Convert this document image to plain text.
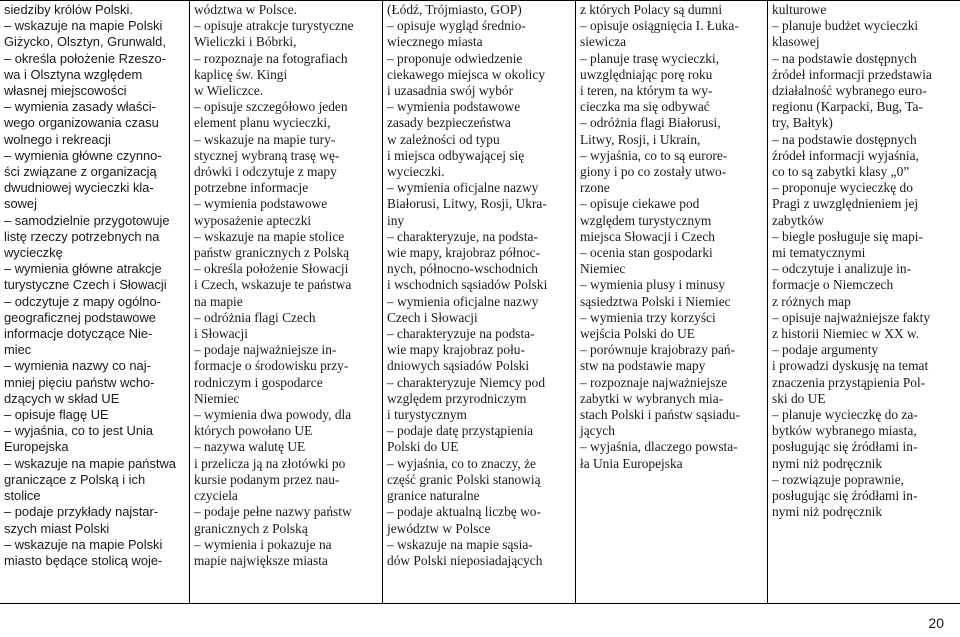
siedziby królów Polski.
– wskazuje na mapie Polski
Giżycko, Olsztyn, Grunwald,
– określa położenie Rzeszo-
wa i Olsztyna względem
własnej miejscowości
– wymienia zasady właści-
wego organizowania czasu
wolnego i rekreacji
– wymienia główne czynno-
ści związane z organizacją
dwudniowej wycieczki kla-
sowej
– samodzielnie przygotowuje
listę rzeczy potrzebnych na
wycieczkę
– wymienia główne atrakcje
turystyczne Czech i Słowacji
– odczytuje z mapy ogólno-
geograficznej podstawowe
informacje dotyczące Nie-
miec
– wymienia nazwy co naj-
mniej pięciu państw wcho-
dzących w skład UE
– opisuje flagę UE
– wyjaśnia, co to jest Unia
Europejska
– wskazuje na mapie państwa
graniczące z Polską i ich
stolice
– podaje przykłady najstar-
szych miast Polski
– wskazuje na mapie Polski
miasto będące stolicą woje-
wództwa w Polsce.
– opisuje atrakcje turystyczne
Wieliczki i Bóbrki,
– rozpoznaje na fotografiach
kaplicę św. Kingi
w Wieliczce.
– opisuje szczegółowo jeden
element planu wycieczki,
– wskazuje na mapie tury-
stycznej wybraną trasę wę-
drówki i odczytuje z mapy
potrzebne informacje
– wymienia podstawowe
wyposażenie apteczki
– wskazuje na mapie stolice
państw granicznych z Polską
– określa położenie Słowacji
i Czech, wskazuje te państwa
na mapie
– odróżnia flagi Czech
i Słowacji
– podaje najważniejsze in-
formacje o środowisku przy-
rodniczym i gospodarce
Niemiec
– wymienia dwa powody, dla
których powołano UE
– nazywa walutę UE
i przelicza ją na złotówki po
kursie podanym przez nau-
czyciela
– podaje pełne nazwy państw
granicznych z Polską
– wymienia i pokazuje na
mapie największe miasta
(Łódź, Trójmiasto, GOP)
– opisuje wygląd średnio-
wiecznego miasta
– proponuje odwiedzenie
ciekawego miejsca w okolicy
i uzasadnia swój wybór
– wymienia podstawowe
zasady bezpieczeństwa
w zależności od typu
i miejsca odbywającej się
wycieczki.
– wymienia oficjalne nazwy
Białorusi, Litwy, Rosji, Ukra-
iny
– charakteryzuje, na podsta-
wie mapy, krajobraz północ-
nych, północno-wschodnich
i wschodnich sąsiadów Polski
– wymienia oficjalne nazwy
Czech i Słowacji
– charakteryzuje na podsta-
wie mapy krajobraz połu-
dniowych sąsiadów Polski
– charakteryzuje Niemcy pod
względem przyrodniczym
i turystycznym
– podaje datę przystąpienia
Polski do UE
– wyjaśnia, co to znaczy, że
część granic Polski stanowią
granice naturalne
– podaje aktualną liczbę wo-
jewództw w Polsce
– wskazuje na mapie sąsia-
dów Polski nieposiadających
z których Polacy są dumni
– opisuje osiągnięcia I. Łuka-
siewicza
– planuje trasę wycieczki,
uwzględniając porę roku
i teren, na którym ta wy-
cieczka ma się odbywać
– odróżnia flagi Białorusi,
Litwy, Rosji, i Ukrain,
– wyjaśnia, co to są eurore-
giony i po co zostały utwo-
rzone
– opisuje ciekawe pod
względem turystycznym
miejsca Słowacji i Czech
– ocenia stan gospodarki
Niemiec
– wymienia plusy i minusy
sąsiedztwa Polski i Niemiec
– wymienia trzy korzyści
wejścia Polski do UE
– porównuje krajobrazy pań-
stw na podstawie mapy
– rozpoznaje najważniejsze
zabytki w wybranych mia-
stach Polski i państw sąsiadu-
jących
– wyjaśnia, dlaczego powsta-
ła Unia Europejska
kulturowe
– planuje budżet wycieczki
klasowej
– na podstawie dostępnych
źródeł informacji przedstawia
działalność wybranego euro-
regionu (Karpacki, Bug, Ta-
try, Bałtyk)
– na podstawie dostępnych
źródeł informacji wyjaśnia,
co to są zabytki klasy „0”
– proponuje wycieczkę do
Pragi z uwzględnieniem jej
zabytków
– biegle posługuje się mapi-
mi tematycznymi
– odczytuje i analizuje in-
formacje o Niemczech
z różnych map
– opisuje najważniejsze fakty
z historii Niemiec w XX w.
– podaje argumenty
i prowadzi dyskusję na temat
znaczenia przystąpienia Pol-
ski do UE
– planuje wycieczkę do za-
bytków wybranego miasta,
posługując się źródłami in-
nymi niż podręcznik
– rozwiązuje poprawnie,
posługując się źródłami in-
nymi niż podręcznik
20
